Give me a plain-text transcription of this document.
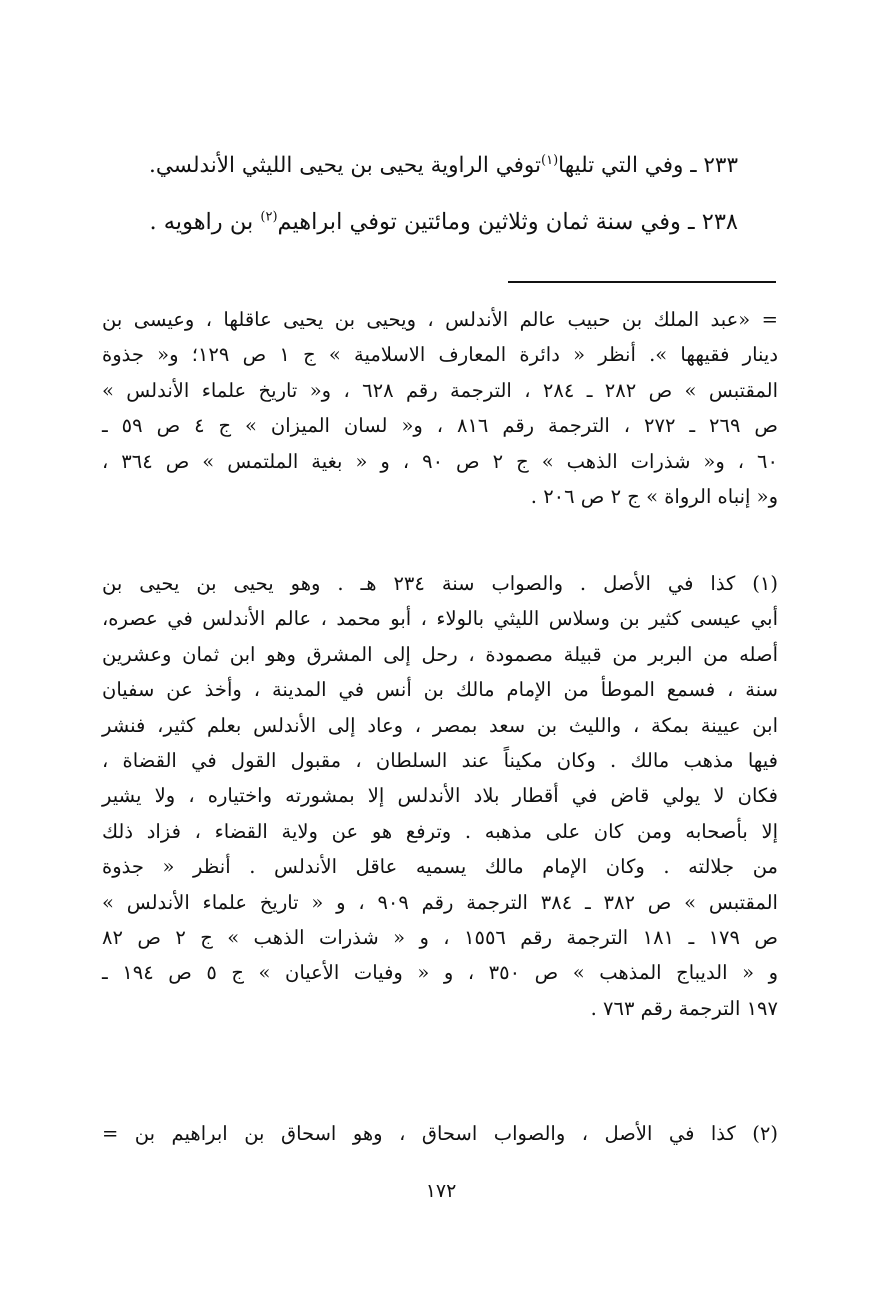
٢٣٣ ـ وفي التي تليها$^{(١)}$توفي الراوية يحيى بن يحيى الليثي الأندلسي.
٢٣٨ ـ وفي سنة ثمان وثلاثين ومائتين توفي ابراهيم$^{(٢)}$ بن راهويه .
= «عبد الملك بن حبيب عالم الأندلس ، ويحيى بن يحيى عاقلها ، وعيسى بن
دينار فقيهها ». أنظر « دائرة المعارف الاسلامية » ج ١ ص ١٢٩؛ و« جذوة
المقتبس » ص ٢٨٢ ـ ٢٨٤ ، الترجمة رقم ٦٢٨ ، و« تاريخ علماء الأندلس »
ص ٢٦٩ ـ ٢٧٢ ، الترجمة رقم ٨١٦ ، و« لسان الميزان » ج ٤ ص ٥٩ ـ
٦٠ ، و« شذرات الذهب » ج ٢ ص ٩٠ ، و « بغية الملتمس » ص ٣٦٤ ،
و« إنباه الرواة » ج ٢ ص ٢٠٦ .
(١) كذا في الأصل . والصواب سنة ٢٣٤ هـ . وهو يحيى بن يحيى بن
أبي عيسى كثير بن وسلاس الليثي بالولاء ، أبو محمد ، عالم الأندلس في عصره،
أصله من البربر من قبيلة مصمودة ، رحل إلى المشرق وهو ابن ثمان وعشرين
سنة ، فسمع الموطأ من الإمام مالك بن أنس في المدينة ، وأخذ عن سفيان
ابن عيينة بمكة ، والليث بن سعد بمصر ، وعاد إلى الأندلس بعلم كثير، فنشر
فيها مذهب مالك . وكان مكيناً عند السلطان ، مقبول القول في القضاة ،
فكان لا يولي قاض في أقطار بلاد الأندلس إلا بمشورته واختياره ، ولا يشير
إلا بأصحابه ومن كان على مذهبه . وترفع هو عن ولاية القضاء ، فزاد ذلك
من جلالته . وكان الإمام مالك يسميه عاقل الأندلس . أنظر « جذوة
المقتبس » ص ٣٨٢ ـ ٣٨٤ الترجمة رقم ٩٠٩ ، و « تاريخ علماء الأندلس »
ص ١٧٩ ـ ١٨١ الترجمة رقم ١٥٥٦ ، و « شذرات الذهب » ج ٢ ص ٨٢
و « الديباج المذهب » ص ٣٥٠ ، و « وفيات الأعيان » ج ٥ ص ١٩٤ ـ
١٩٧ الترجمة رقم ٧٦٣ .
(٢) كذا في الأصل ، والصواب اسحاق ، وهو اسحاق بن ابراهيم بن =
١٧٢
